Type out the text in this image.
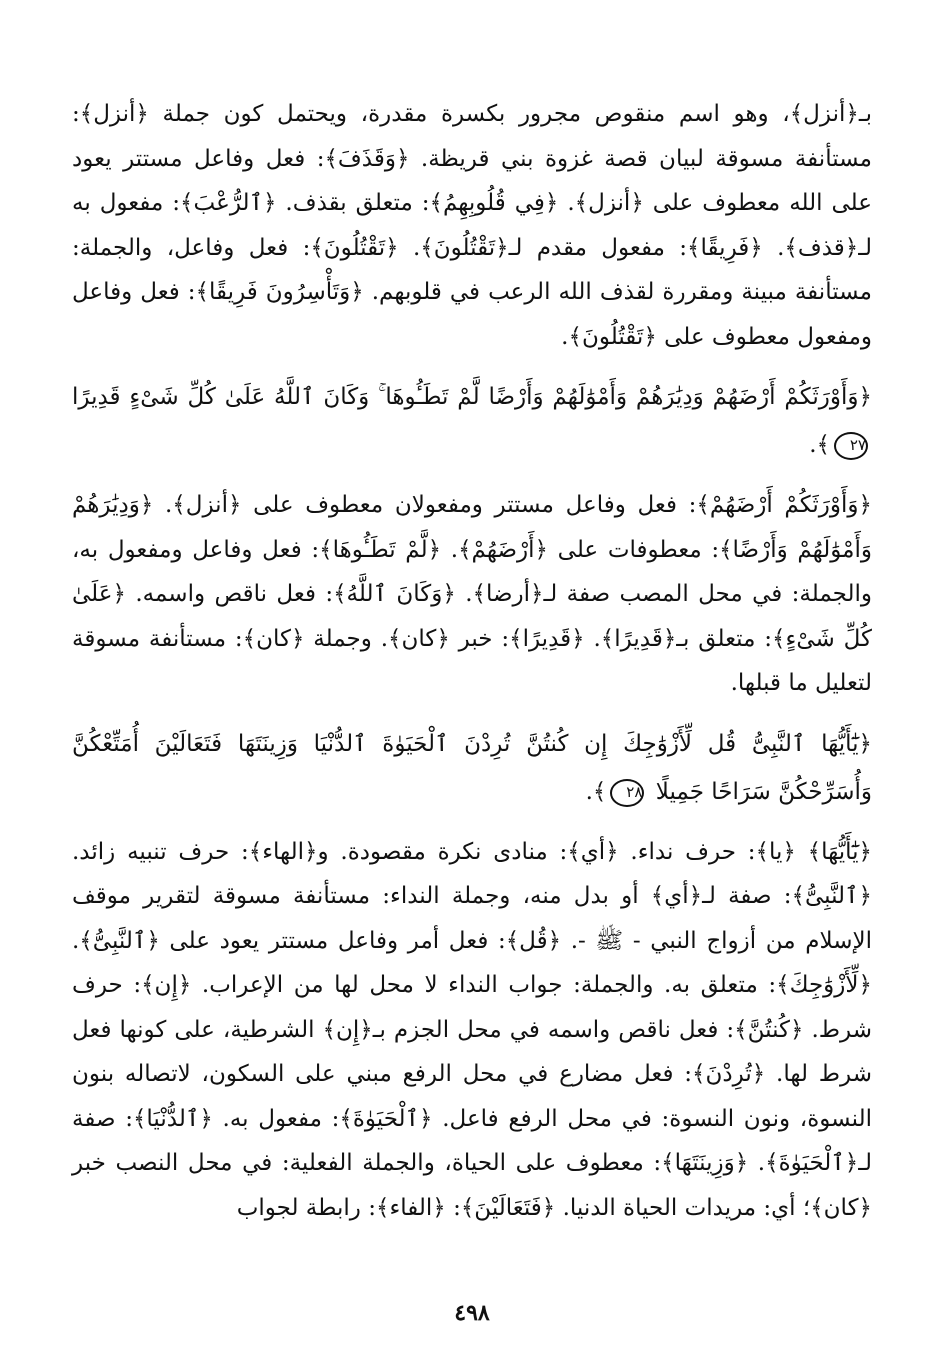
بـ﴿أنزل﴾، وهو اسم منقوص مجرور بكسرة مقدرة، ويحتمل كون جملة ﴿أنزل﴾: مستأنفة مسوقة لبيان قصة غزوة بني قريظة. ﴿وَقَذَفَ﴾: فعل وفاعل مستتر يعود على الله معطوف على ﴿أنزل﴾. ﴿فِي قُلُوبِهِمُ﴾: متعلق بقذف. ﴿ٱلرُّعْبَ﴾: مفعول به لـ﴿قذف﴾. ﴿فَرِيقًا﴾: مفعول مقدم لـ﴿تَقْتُلُونَ﴾. ﴿تَقْتُلُونَ﴾: فعل وفاعل، والجملة: مستأنفة مبينة ومقررة لقذف الله الرعب في قلوبهم. ﴿وَتَأْسِرُونَ فَرِيقًا﴾: فعل وفاعل ومفعول معطوف على ﴿تَقْتُلُونَ﴾.

﴿وَأَوْرَثَكُمْ أَرْضَهُمْ وَدِيَٰرَهُمْ وَأَمْوَٰلَهُمْ وَأَرْضًا لَّمْ تَطَـُٔوهَا ۚ وَكَانَ ٱللَّهُ عَلَىٰ كُلِّ شَىْءٍ قَدِيرًا ٢٧﴾.

﴿وَأَوْرَثَكُمْ أَرْضَهُمْ﴾: فعل وفاعل مستتر ومفعولان معطوف على ﴿أنزل﴾. ﴿وَدِيَٰرَهُمْ وَأَمْوَٰلَهُمْ وَأَرْضًا﴾: معطوفات على ﴿أَرْضَهُمْ﴾. ﴿لَّمْ تَطَـُٔوهَا﴾: فعل وفاعل ومفعول به، والجملة: في محل المصب صفة لـ﴿أرضا﴾. ﴿وَكَانَ ٱللَّهُ﴾: فعل ناقص واسمه. ﴿عَلَىٰ كُلِّ شَىْءٍ﴾: متعلق بـ﴿قَدِيرًا﴾. ﴿قَدِيرًا﴾: خبر ﴿كان﴾. وجملة ﴿كان﴾: مستأنفة مسوقة لتعليل ما قبلها.

﴿يَٰٓأَيُّهَا ٱلنَّبِىُّ قُل لِّأَزْوَٰجِكَ إِن كُنتُنَّ تُرِدْنَ ٱلْحَيَوٰةَ ٱلدُّنْيَا وَزِينَتَهَا فَتَعَالَيْنَ أُمَتِّعْكُنَّ وَأُسَرِّحْكُنَّ سَرَاحًا جَمِيلًا ٢٨﴾.

﴿يَٰٓأَيُّهَا﴾ ﴿يا﴾: حرف نداء. ﴿أي﴾: منادى نكرة مقصودة. و﴿الهاء﴾: حرف تنبيه زائد. ﴿ٱلنَّبِىُّ﴾: صفة لـ﴿أي﴾ أو بدل منه، وجملة النداء: مستأنفة مسوقة لتقرير موقف الإسلام من أزواج النبي - ﷺ -. ﴿قُل﴾: فعل أمر وفاعل مستتر يعود على ﴿ٱلنَّبِىُّ﴾. ﴿لِّأَزْوَٰجِكَ﴾: متعلق به. والجملة: جواب النداء لا محل لها من الإعراب. ﴿إِن﴾: حرف شرط. ﴿كُنتُنَّ﴾: فعل ناقص واسمه في محل الجزم بـ﴿إِن﴾ الشرطية، على كونها فعل شرط لها. ﴿تُرِدْنَ﴾: فعل مضارع في محل الرفع مبني على السكون، لاتصاله بنون النسوة، ونون النسوة: في محل الرفع فاعل. ﴿ٱلْحَيَوٰةَ﴾: مفعول به. ﴿ٱلدُّنْيَا﴾: صفة لـ﴿ٱلْحَيَوٰةَ﴾. ﴿وَزِينَتَهَا﴾: معطوف على الحياة، والجملة الفعلية: في محل النصب خبر ﴿كان﴾؛ أي: مريدات الحياة الدنيا. ﴿فَتَعَالَيْنَ﴾: ﴿الفاء﴾: رابطة لجواب

٤٩٨
